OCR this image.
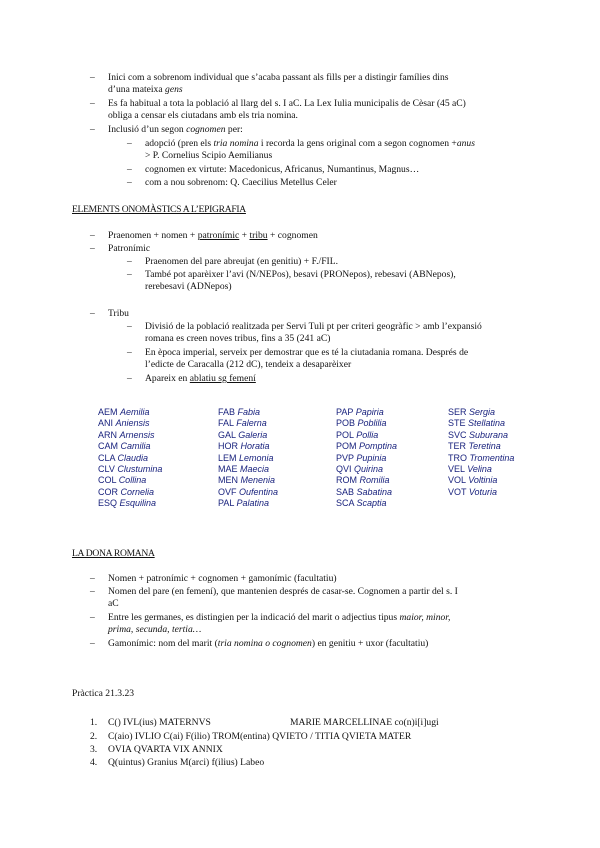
– Inici com a sobrenom individual que s’acaba passant als fills per a distingir famílies dins
d’una mateixa gens
– Es fa habitual a tota la població al llarg del s. I aC. La Lex Iulia municipalis de Cèsar (45 aC)
obliga a censar els ciutadans amb els tria nomina.
– Inclusió d’un segon cognomen per:
– adopció (pren els tria nomina i recorda la gens original com a segon cognomen +anus
> P. Cornelius Scipio Aemilianus
– cognomen ex virtute: Macedonicus, Africanus, Numantinus, Magnus…
– com a nou sobrenom: Q. Caecilius Metellus Celer
ELEMENTS ONOMÀSTICS A L’EPIGRAFIA
– Praenomen + nomen + patronímic + tribu + cognomen
– Patronímic
– Praenomen del pare abreujat (en genitiu) + F./FIL.
– També pot aparèixer l’avi (N/NEPos), besavi (PRONepos), rebesavi (ABNepos),
rerebesavi (ADNepos)
– Tribu
– Divisió de la població realitzada per Servi Tuli pt per criteri geogràfic > amb l’expansió
romana es creen noves tribus, fins a 35 (241 aC)
– En època imperial, serveix per demostrar que es té la ciutadania romana. Després de
l’edicte de Caracalla (212 dC), tendeix a desaparèixer
– Apareix en ablatiu sg femení
AEM Aemilia
ANI Aniensis
ARN Arnensis
CAM Camilia
CLA Claudia
CLV Clustumina
COL Collina
COR Cornelia
ESQ Esquilina
FAB Fabia
FAL Falerna
GAL Galeria
HOR Horatia
LEM Lemonia
MAE Maecia
MEN Menenia
OVF Oufentina
PAL Palatina
PAP Papiria
POB Poblilia
POL Pollia
POM Pomptina
PVP Pupinia
QVI Quirina
ROM Romilia
SAB Sabatina
SCA Scaptia
SER Sergia
STE Stellatina
SVC Suburana
TER Teretina
TRO Tromentina
VEL Velina
VOL Voltinia
VOT Voturia
LA DONA ROMANA
– Nomen + patronímic + cognomen + gamonímic (facultatiu)
– Nomen del pare (en femení), que mantenien després de casar-se. Cognomen a partir del s. I
aC
– Entre les germanes, es distingien per la indicació del marit o adjectius tipus maior, minor,
prima, secunda, tertia…
– Gamonímic: nom del marit (tria nomina o cognomen) en genitiu + uxor (facultatiu)
Pràctica 21.3.23
1. C() IVL(ius) MATERNVS	MARIE MARCELLINAE co(n)i[i]ugi
2. C(aio) IVLIO C(ai) F(ilio) TROM(entina) QVIETO / TITIA QVIETA MATER
3. OVIA QVARTA VIX ANNIX
4. Q(uintus) Granius M(arci) f(ilius) Labeo
